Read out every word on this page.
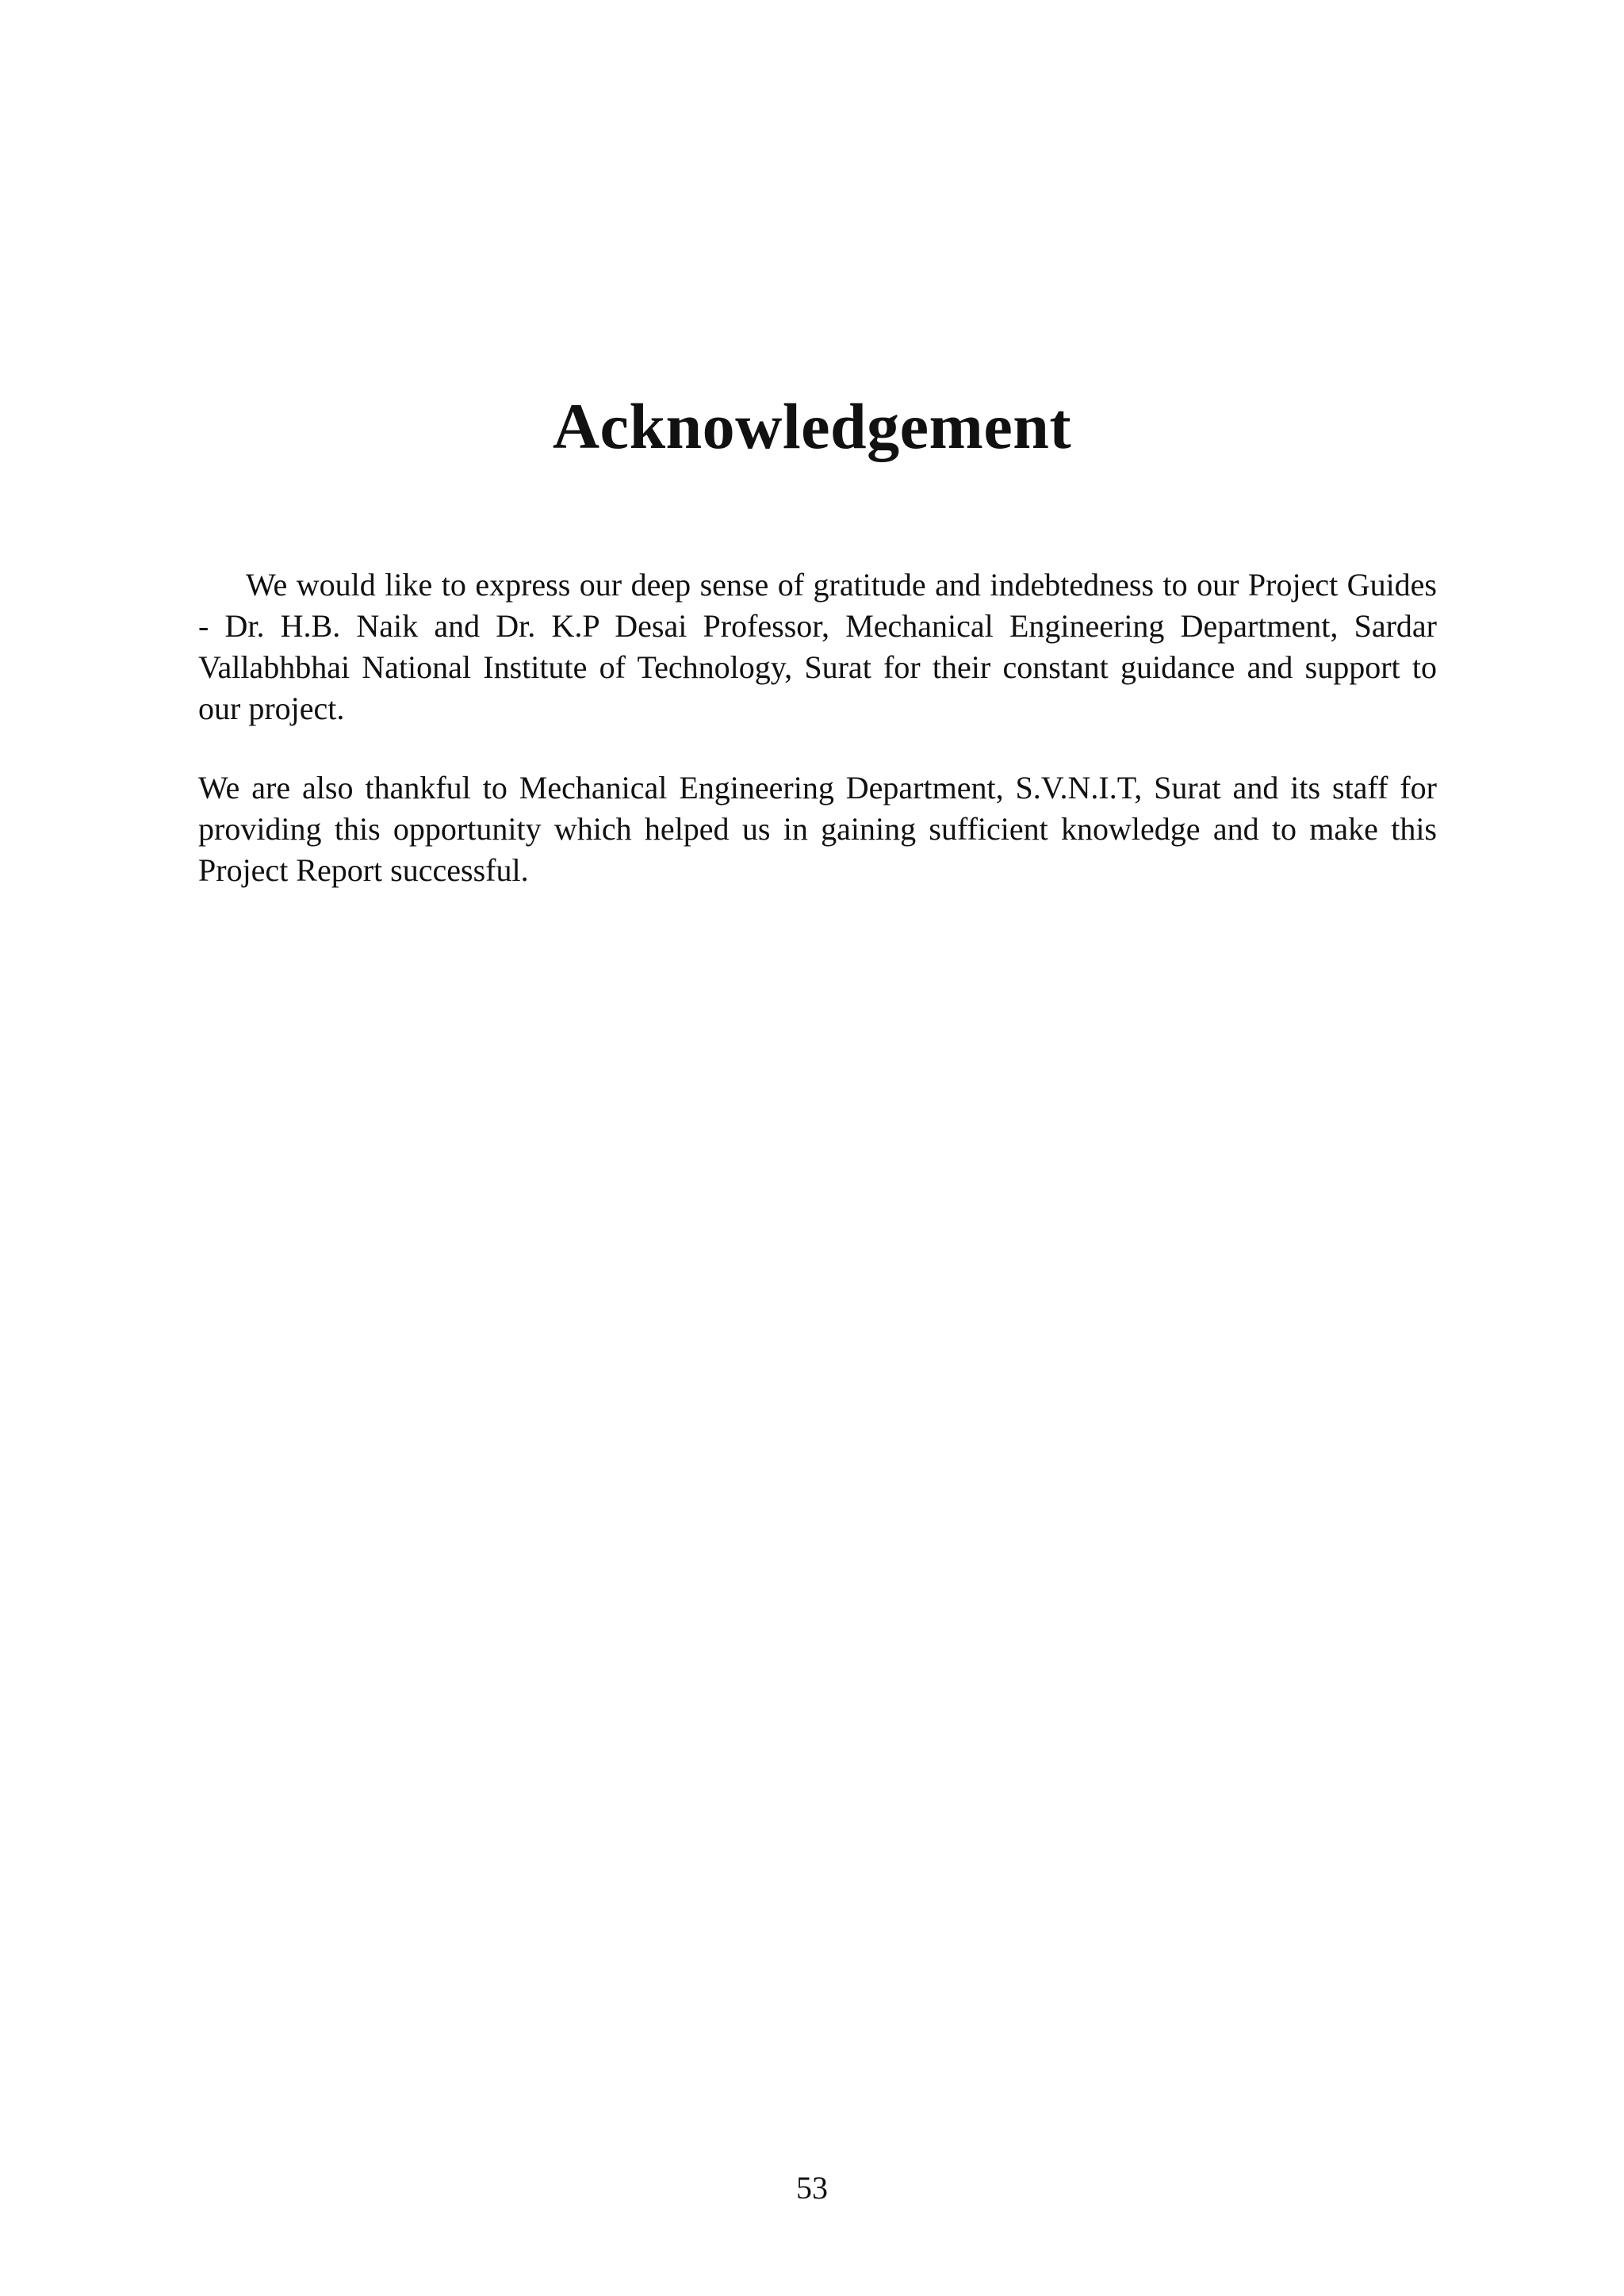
Acknowledgement

We would like to express our deep sense of gratitude and indebtedness to our Project Guides - Dr. H.B. Naik and Dr. K.P Desai Professor, Mechanical Engineering Department, Sardar Vallabhbhai National Institute of Technology, Surat for their constant guidance and support to our project.

We are also thankful to Mechanical Engineering Department, S.V.N.I.T, Surat and its staff for providing this opportunity which helped us in gaining sufficient knowledge and to make this Project Report successful.

53
